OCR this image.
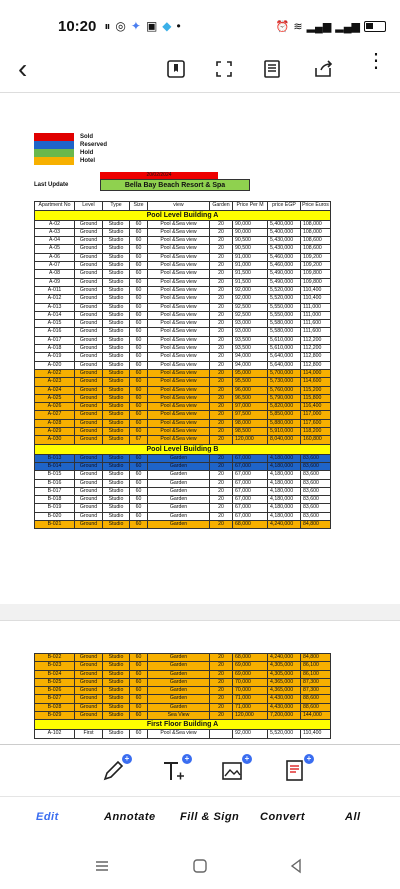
10:20 ⏸ ◎ ✦ ▣ ◆ •	⏰ ≋ ▂▄▆ ▂▄▆
‹	⋮
Sold
Reserved
Hold
Hotel
20/02/2024
Last Update	Bella Bay Beach Resort & Spa
Apartment No	Level	Type	Size	view	Garden	Price Per M	price EGP	Price Euros
Pool Level Building A								
A-02	Ground	Studio	60	Pool &Sea view	20	90,000	5,400,000	108,000
A-03	Ground	Studio	60	Pool &Sea view	20	90,000	5,400,000	108,000
A-04	Ground	Studio	60	Pool &Sea view	20	90,500	5,430,000	108,600
A-05	Ground	Studio	60	Pool &Sea view	20	90,500	5,430,000	108,600
A-06	Ground	Studio	60	Pool &Sea view	20	91,000	5,460,000	109,200
A-07	Ground	Studio	60	Pool &Sea view	20	91,000	5,460,000	109,200
A-08	Ground	Studio	60	Pool &Sea view	20	91,500	5,490,000	109,800
A-09	Ground	Studio	60	Pool &Sea view	20	91,500	5,490,000	109,800
A-011	Ground	Studio	60	Pool &Sea view	20	92,000	5,520,000	110,400
A-012	Ground	Studio	60	Pool &Sea view	20	92,000	5,520,000	110,400
A-013	Ground	Studio	60	Pool &Sea view	20	92,500	5,550,000	111,000
A-014	Ground	Studio	60	Pool &Sea view	20	92,500	5,550,000	111,000
A-015	Ground	Studio	60	Pool &Sea view	20	93,000	5,580,000	111,600
A-016	Ground	Studio	60	Pool &Sea view	20	93,000	5,580,000	111,600
A-017	Ground	Studio	60	Pool &Sea view	20	93,500	5,610,000	112,200
A-018	Ground	Studio	60	Pool &Sea view	20	93,500	5,610,000	112,200
A-019	Ground	Studio	60	Pool &Sea view	20	94,000	5,640,000	112,800
A-020	Ground	Studio	60	Pool &Sea view	20	94,000	5,640,000	112,800
A-022	Ground	Studio	60	Pool &Sea view	20	95,000	5,700,000	114,000
A-023	Ground	Studio	60	Pool &Sea view	20	95,500	5,730,000	114,600
A-024	Ground	Studio	60	Pool &Sea view	20	96,000	5,760,000	115,200
A-025	Ground	Studio	60	Pool &Sea view	20	96,500	5,790,000	115,800
A-026	Ground	Studio	60	Pool &Sea view	20	97,000	5,820,000	116,400
A-027	Ground	Studio	60	Pool &Sea view	20	97,500	5,850,000	117,000
A-028	Ground	Studio	60	Pool &Sea view	20	98,000	5,880,000	117,600
A-029	Ground	Studio	60	Pool &Sea view	20	98,500	5,910,000	118,200
A-030	Ground	Studio	67	Pool &Sea view	20	120,000	8,040,000	160,800
Pool Level Building B								
B-013	Ground	Studio	60	Garden	20	67,000	4,180,000	83,600
B-014	Ground	Studio	60	Garden	20	67,000	4,180,000	83,600
B-015	Ground	Studio	60	Garden	20	67,000	4,180,000	83,600
B-016	Ground	Studio	60	Garden	20	67,000	4,180,000	83,600
B-017	Ground	Studio	60	Garden	20	67,000	4,180,000	83,600
B-018	Ground	Studio	60	Garden	20	67,000	4,180,000	83,600
B-019	Ground	Studio	60	Garden	20	67,000	4,180,000	83,600
B-020	Ground	Studio	60	Garden	20	67,000	4,180,000	83,600
B-021	Ground	Studio	60	Garden	20	68,000	4,240,000	84,800
B-022	Ground	Studio	60	Garden	20	68,000	4,240,000	84,800
B-023	Ground	Studio	60	Garden	20	69,000	4,305,000	86,100
B-024	Ground	Studio	60	Garden	20	69,000	4,305,000	86,100
B-025	Ground	Studio	60	Garden	20	70,000	4,365,000	87,300
B-026	Ground	Studio	60	Garden	20	70,000	4,365,000	87,300
B-027	Ground	Studio	60	Garden	20	71,000	4,430,000	88,600
B-028	Ground	Studio	60	Garden	20	71,000	4,430,000	88,600
B-029	Ground	Studio	60	Sea View	20	120,000	7,200,000	144,000
First Floor Building A								
A-102	First	Studio	60	Pool &Sea view		92,000	5,520,000	110,400
+	+	+	+
Edit	Annotate Fill & Sign Convert	All
